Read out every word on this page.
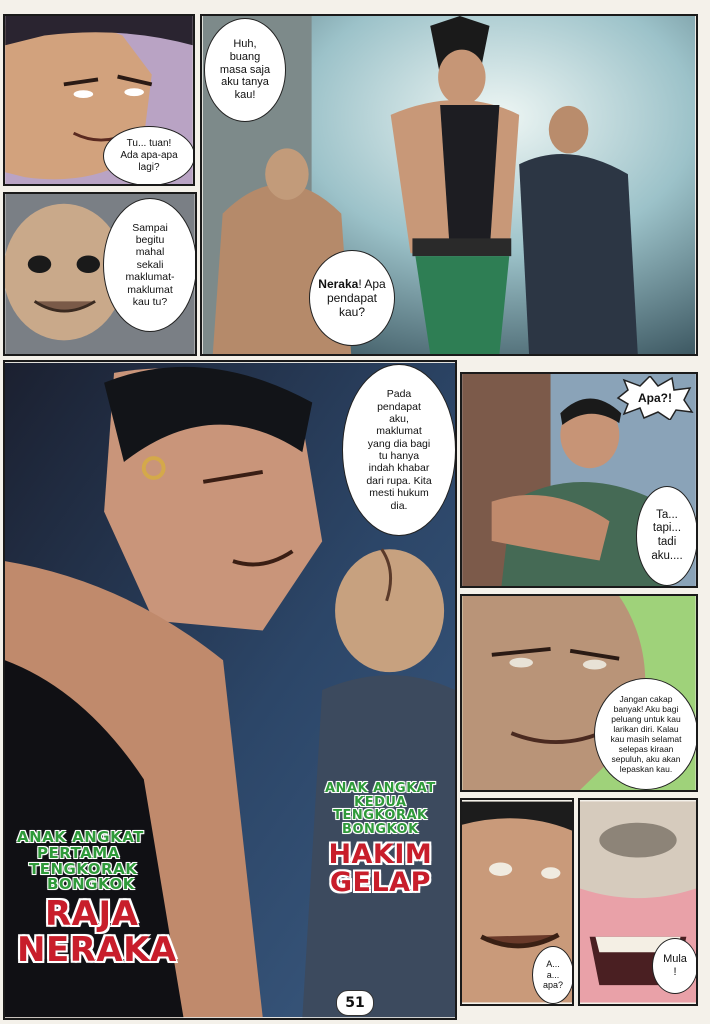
Tu... tuan!
Ada apa-apa
lagi?
Huh,
buang
masa saja
aku tanya
kau!
Neraka! Apa
pendapat
kau?
Sampai
begitu
mahal
sekali
maklumat-
maklumat
kau tu?
Pada
pendapat
aku,
maklumat
yang dia bagi
tu hanya
indah khabar
dari rupa. Kita
mesti hukum
dia.
ANAK ANGKAT
PERTAMA
TENGKORAK
BONGKOK
RAJA
NERAKA
ANAK ANGKAT
KEDUA
TENGKORAK
BONGKOK
HAKIM
GELAP
Apa?!
Ta...
tapi...
tadi
aku....
Jangan cakap
banyak! Aku bagi
peluang untuk kau
larikan diri. Kalau
kau masih selamat
selepas kiraan
sepuluh, aku akan
lepaskan kau.
A...
a...
apa?
Mula
!
51
